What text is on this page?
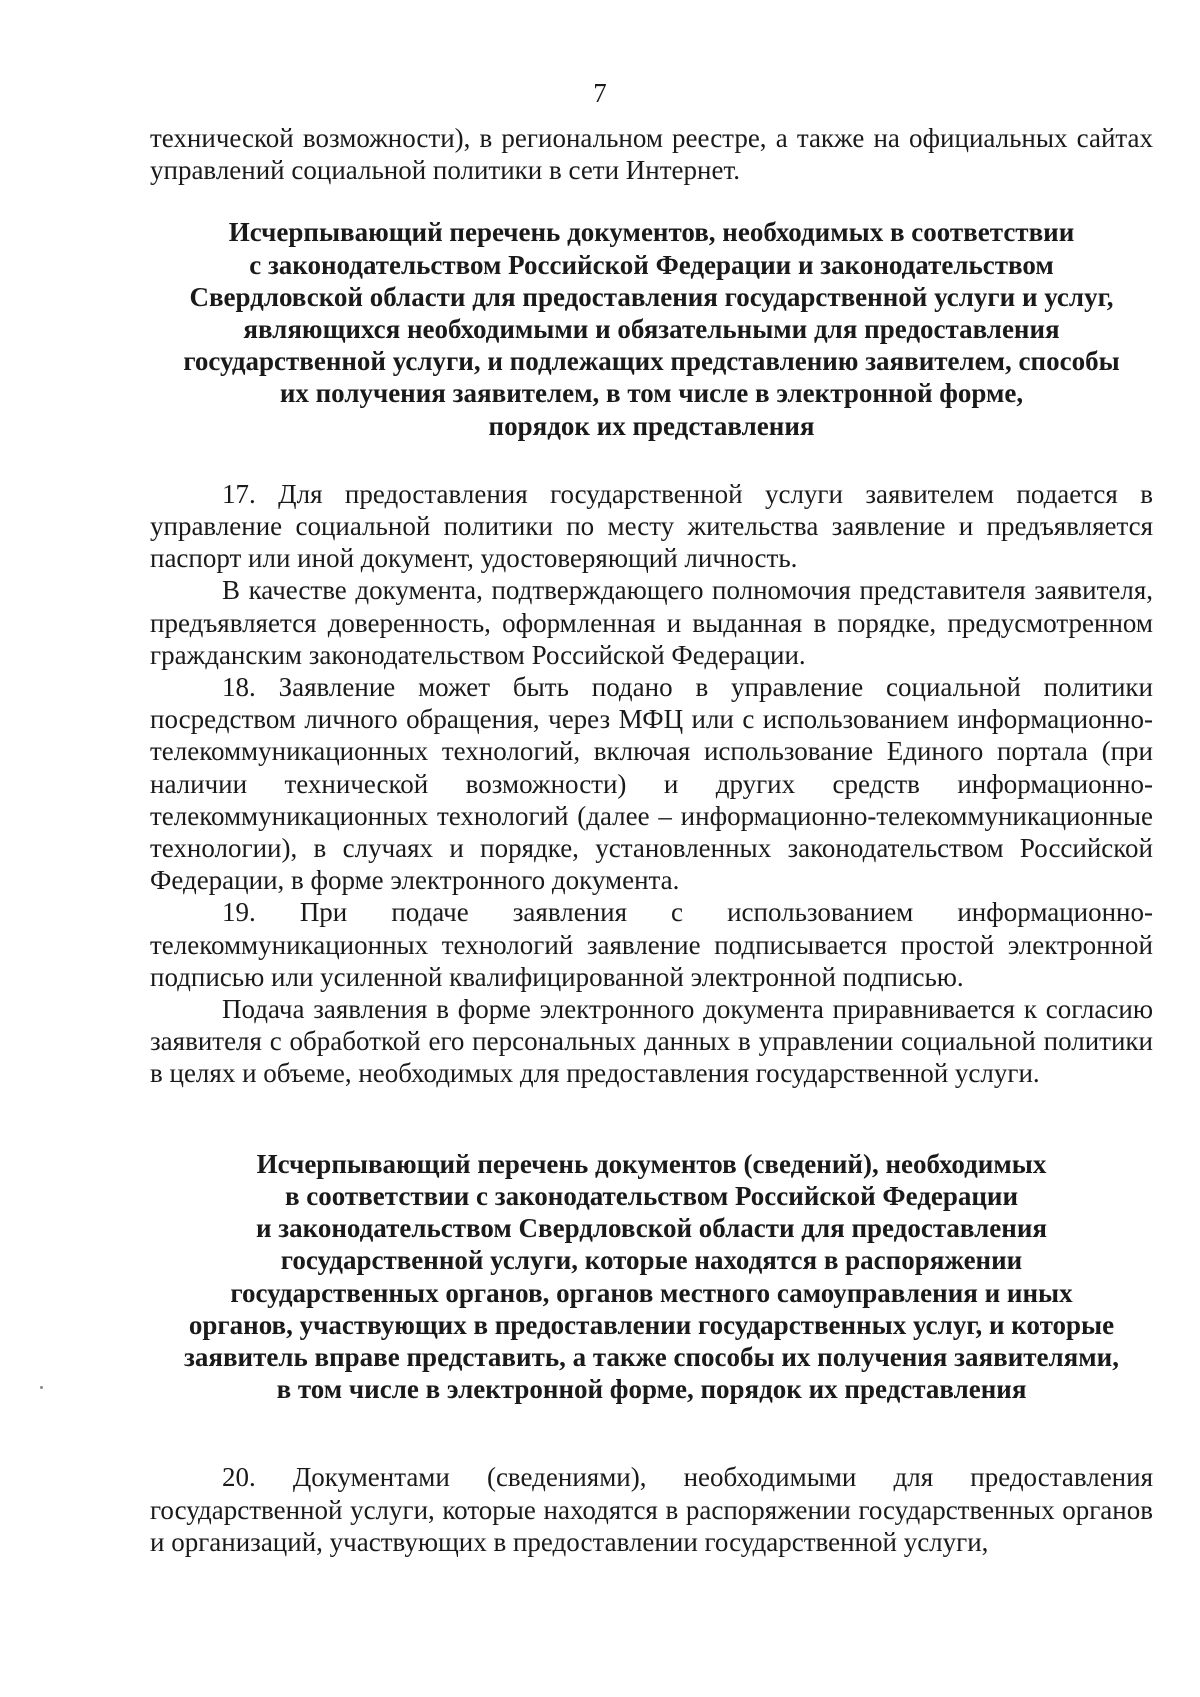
7

технической возможности), в региональном реестре, а также на официальных сайтах управлений социальной политики в сети Интернет.

Исчерпывающий перечень документов, необходимых в соответствии
с законодательством Российской Федерации и законодательством
Свердловской области для предоставления государственной услуги и услуг,
являющихся необходимыми и обязательными для предоставления
государственной услуги, и подлежащих представлению заявителем, способы
их получения заявителем, в том числе в электронной форме,
порядок их представления

17. Для предоставления государственной услуги заявителем подается в управление социальной политики по месту жительства заявление и предъявляется паспорт или иной документ, удостоверяющий личность.

В качестве документа, подтверждающего полномочия представителя заявителя, предъявляется доверенность, оформленная и выданная в порядке, предусмотренном гражданским законодательством Российской Федерации.

18. Заявление может быть подано в управление социальной политики посредством личного обращения, через МФЦ или с использованием информационно-телекоммуникационных технологий, включая использование Единого портала (при наличии технической возможности) и других средств информационно-телекоммуникационных технологий (далее – информационно-телекоммуникационные технологии), в случаях и порядке, установленных законодательством Российской Федерации, в форме электронного документа.

19. При подаче заявления с использованием информационно-телекоммуникационных технологий заявление подписывается простой электронной подписью или усиленной квалифицированной электронной подписью.

Подача заявления в форме электронного документа приравнивается к согласию заявителя с обработкой его персональных данных в управлении социальной политики в целях и объеме, необходимых для предоставления государственной услуги.

Исчерпывающий перечень документов (сведений), необходимых
в соответствии с законодательством Российской Федерации
и законодательством Свердловской области для предоставления
государственной услуги, которые находятся в распоряжении
государственных органов, органов местного самоуправления и иных
органов, участвующих в предоставлении государственных услуг, и которые
заявитель вправе представить, а также способы их получения заявителями,
в том числе в электронной форме, порядок их представления

20. Документами (сведениями), необходимыми для предоставления государственной услуги, которые находятся в распоряжении государственных органов и организаций, участвующих в предоставлении государственной услуги,
